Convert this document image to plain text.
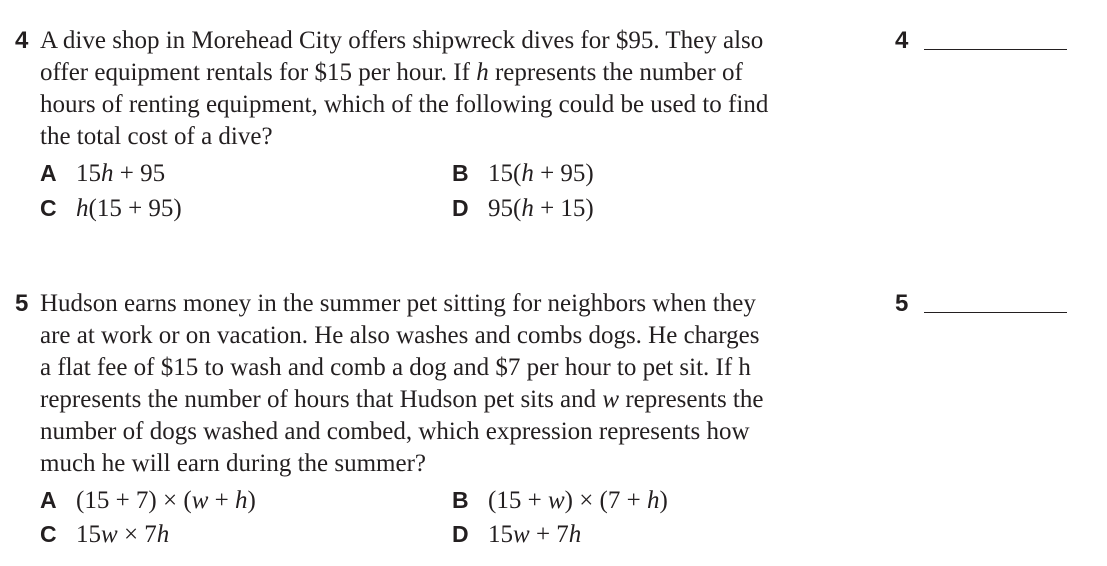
4 A dive shop in Morehead City offers shipwreck dives for $95. They also
offer equipment rentals for $15 per hour. If h represents the number of
hours of renting equipment, which of the following could be used to find
the total cost of a dive?
A 15h + 95	B 15(h + 95)
C h(15 + 95)	D 95(h + 15)
4
5 Hudson earns money in the summer pet sitting for neighbors when they
are at work or on vacation. He also washes and combs dogs. He charges
a flat fee of $15 to wash and comb a dog and $7 per hour to pet sit. If h
represents the number of hours that Hudson pet sits and w represents the
number of dogs washed and combed, which expression represents how
much he will earn during the summer?
A (15 + 7) × (w + h)	B (15 + w) × (7 + h)
C 15w × 7h	D 15w + 7h
5
